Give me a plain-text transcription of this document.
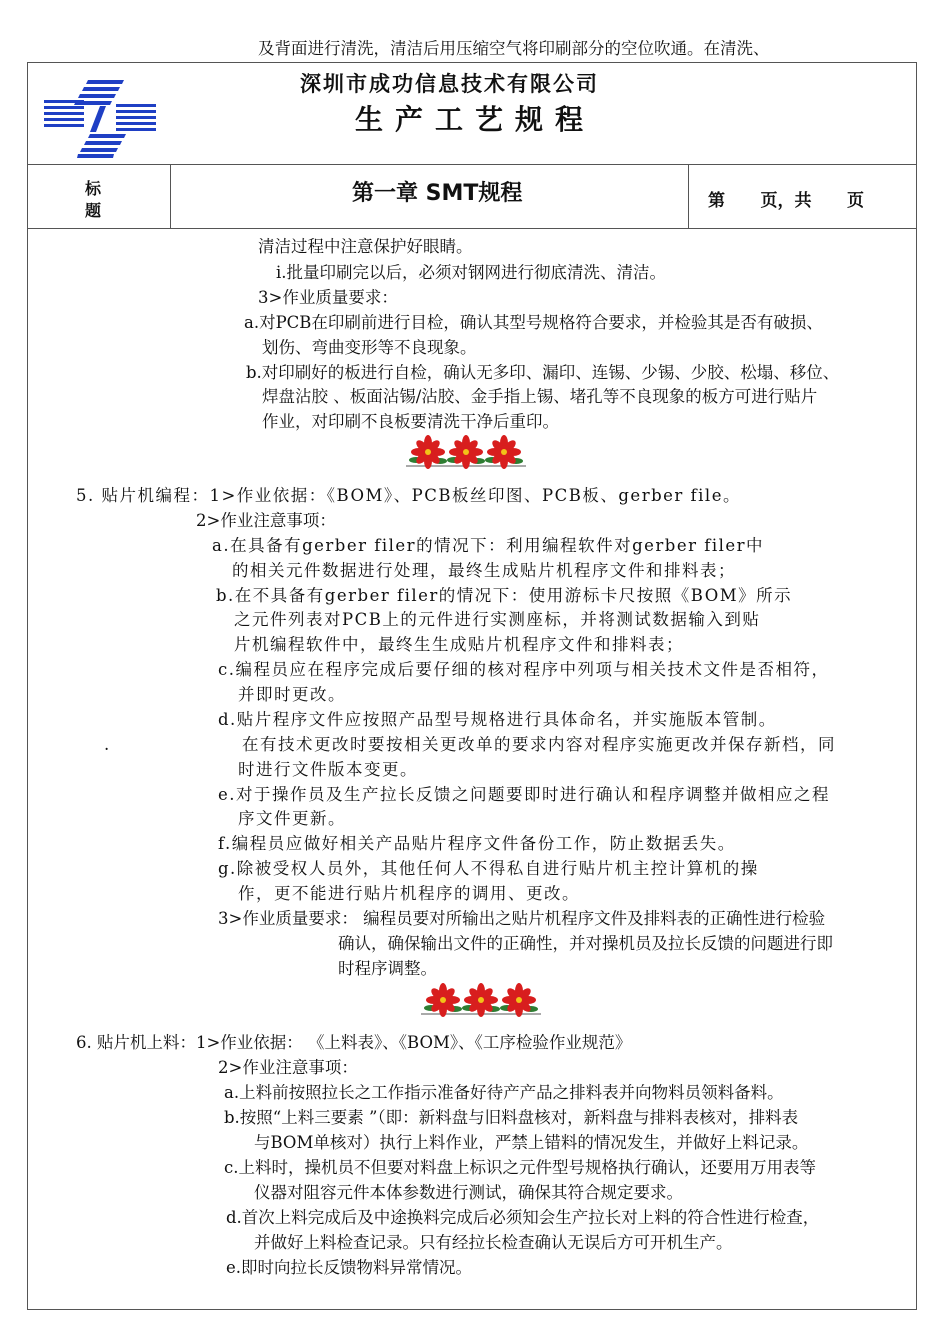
及背面进行清洗，清洁后用压缩空气将印刷部分的空位吹通。在清洗、
深圳市成功信息技术有限公司
生产工艺规程
标
题
第一章 SMT规程	第      页，共      页
清洁过程中注意保护好眼睛。
i.批量印刷完以后，必须对钢网进行彻底清洗、清洁。
3>作业质量要求：
a.对PCB在印刷前进行目检，确认其型号规格符合要求，并检验其是否有破损、
划伤、弯曲变形等不良现象。
b.对印刷好的板进行自检，确认无多印、漏印、连锡、少锡、少胶、松塌、移位、
焊盘沾胶 、板面沾锡/沾胶、金手指上锡、堵孔等不良现象的板方可进行贴片
作业，对印刷不良板要清洗干净后重印。
5. 贴片机编程：1>作业依据：《BOM》、PCB板丝印图、PCB板、gerber file。
2>作业注意事项：
a.在具备有gerber filer的情况下：利用编程软件对gerber filer中
的相关元件数据进行处理，最终生成贴片机程序文件和排料表；
b.在不具备有gerber filer的情况下：使用游标卡尺按照《BOM》所示
之元件列表对PCB上的元件进行实测座标，并将测试数据输入到贴
片机编程软件中，最终生生成贴片机程序文件和排料表；
c.编程员应在程序完成后要仔细的核对程序中列项与相关技术文件是否相符，
并即时更改。
d.贴片程序文件应按照产品型号规格进行具体命名，并实施版本管制。
.	在有技术更改时要按相关更改单的要求内容对程序实施更改并保存新档，同
时进行文件版本变更。
e.对于操作员及生产拉长反馈之问题要即时进行确认和程序调整并做相应之程
序文件更新。
f.编程员应做好相关产品贴片程序文件备份工作，防止数据丢失。
g.除被受权人员外，其他任何人不得私自进行贴片机主控计算机的操
作，更不能进行贴片机程序的调用、更改。
3>作业质量要求： 编程员要对所输出之贴片机程序文件及排料表的正确性进行检验
确认，确保输出文件的正确性，并对操机员及拉长反馈的问题进行即
时程序调整。
6. 贴片机上料：1>作业依据： 《上料表》、《BOM》、《工序检验作业规范》
2>作业注意事项：
a.上料前按照拉长之工作指示准备好待产产品之排料表并向物料员领料备料。
b.按照“上料三要素 ”（即：新料盘与旧料盘核对，新料盘与排料表核对，排料表
与BOM单核对）执行上料作业，严禁上错料的情况发生，并做好上料记录。
c.上料时，操机员不但要对料盘上标识之元件型号规格执行确认，还要用万用表等
仪器对阻容元件本体参数进行测试，确保其符合规定要求。
d.首次上料完成后及中途换料完成后必须知会生产拉长对上料的符合性进行检查，
并做好上料检查记录。只有经拉长检查确认无误后方可开机生产。
e.即时向拉长反馈物料异常情况。
